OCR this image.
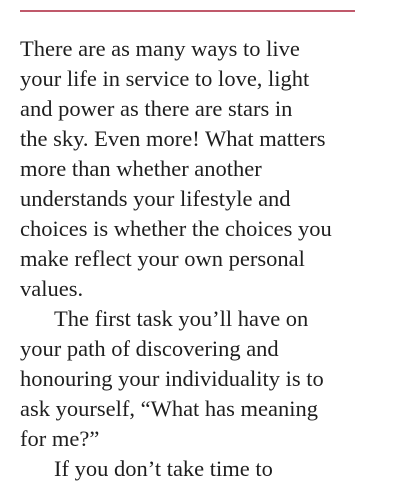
There are as many ways to live
your life in service to love, light
and power as there are stars in
the sky. Even more! What matters
more than whether another
understands your lifestyle and
choices is whether the choices you
make reflect your own personal
values.

The first task you’ll have on
your path of discovering and
honouring your individuality is to
ask yourself, “What has meaning
for me?”

If you don’t take time to
